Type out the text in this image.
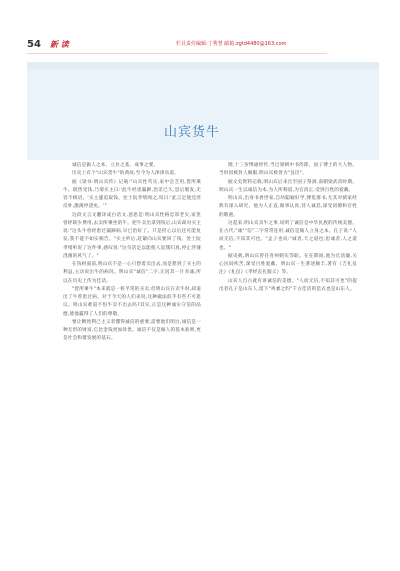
54 新 读	栏目责任编辑:丁秀慧 邮箱:zgtd4480@163.com
山宾货牛

诚信是做人之本、立业之基、成事之要。

历史上有个"山宾货牛"的典故,至今为人津津乐道。

据《梁书·明山宾传》记载:"山宾性笃实,家中尝乏用,货所乘牛。既售受钱,乃谓买主曰:'此牛经患漏蹄,治差已久,恐后脱发,无容不相语。'买主遽追取钱。处士阮孝绪闻之,叹曰:'此言足使还淳反朴,激薄停浇矣。'"

这段文言文翻译成白话文,意思是:明山宾性格忠厚老实,家里曾经缺少费用,去卖所乘坐的牛。把牛卖出拿到钱后,山宾却对买主说:"这头牛曾经患过漏蹄病,早已治好了。只是担心以后还可能复发,我不能不如实相告。"买主听后,赶紧向山宾要回了钱。处士阮孝绪听说了这件事,感叹说:"这句话足以能使人返璞归真,停止浮薄浇薄的风气了。"

在钱财面前,明山宾不是一心只想着卖出去,而是想到了买主的利益,主动说出牛的病况。明山宾"诚信"二字,正因其一片赤诚,所以在历史上传为佳话。

"货所乘牛"本来就是一桩平常的买卖,但明山宾在卖牛时,却道出了牛曾患过病。对于今天的人们来说,这种做法似乎有些不可思议。明山宾难道不怕牛卖不出去吗?其实,正是这种诚实守信的品德,使他赢得了人们的尊敬。

要让精致利己主义者懂得诚信的重要,需要他们明白,诚信是一种无形的财富,它比金钱更加珍贵。诚信不仅是做人的基本准则,更是社会和谐发展的基石。

理,十三岁博通经传,当过梁朝中书侍郎、国子博士的大人物。当时因被封人佩服,明山宾被誉为"良臣"。

据文史资料记载,明山宾后来官至国子祭酒,南朝梁武帝时期。明山宾一生以诚信为本,为人所称道,为官清正,受到百姓的爱戴。

明山宾,出身书香世家,自幼聪颖好学,博览群书,尤其对儒家经典有深入研究。他为人正直,做事认真,待人诚恳,深受同僚和百姓的敬重。

这起来,明山宾卖牛之事,说明了诚信是中华民族的传统美德。在古代,"诚""信"二字常常连用,诚信是做人立身之本。孔子说:"人而无信,不知其可也。"孟子也说:"诚者,天之道也;思诚者,人之道也。"

据史载,明山宾曾任青州刺史等职。在任期间,他为官清廉,关心民间疾苦,深受百姓爱戴。明山宾一生著述颇丰,著有《吉礼仪注》《礼仪》《孝经丧礼服义》等。

山宾人自古就有讲诚信的美德。"人而无信,不知其可也"的提出者孔子是山东人,留下"鸡黍之约"千古佳话的范式也是山东人。
